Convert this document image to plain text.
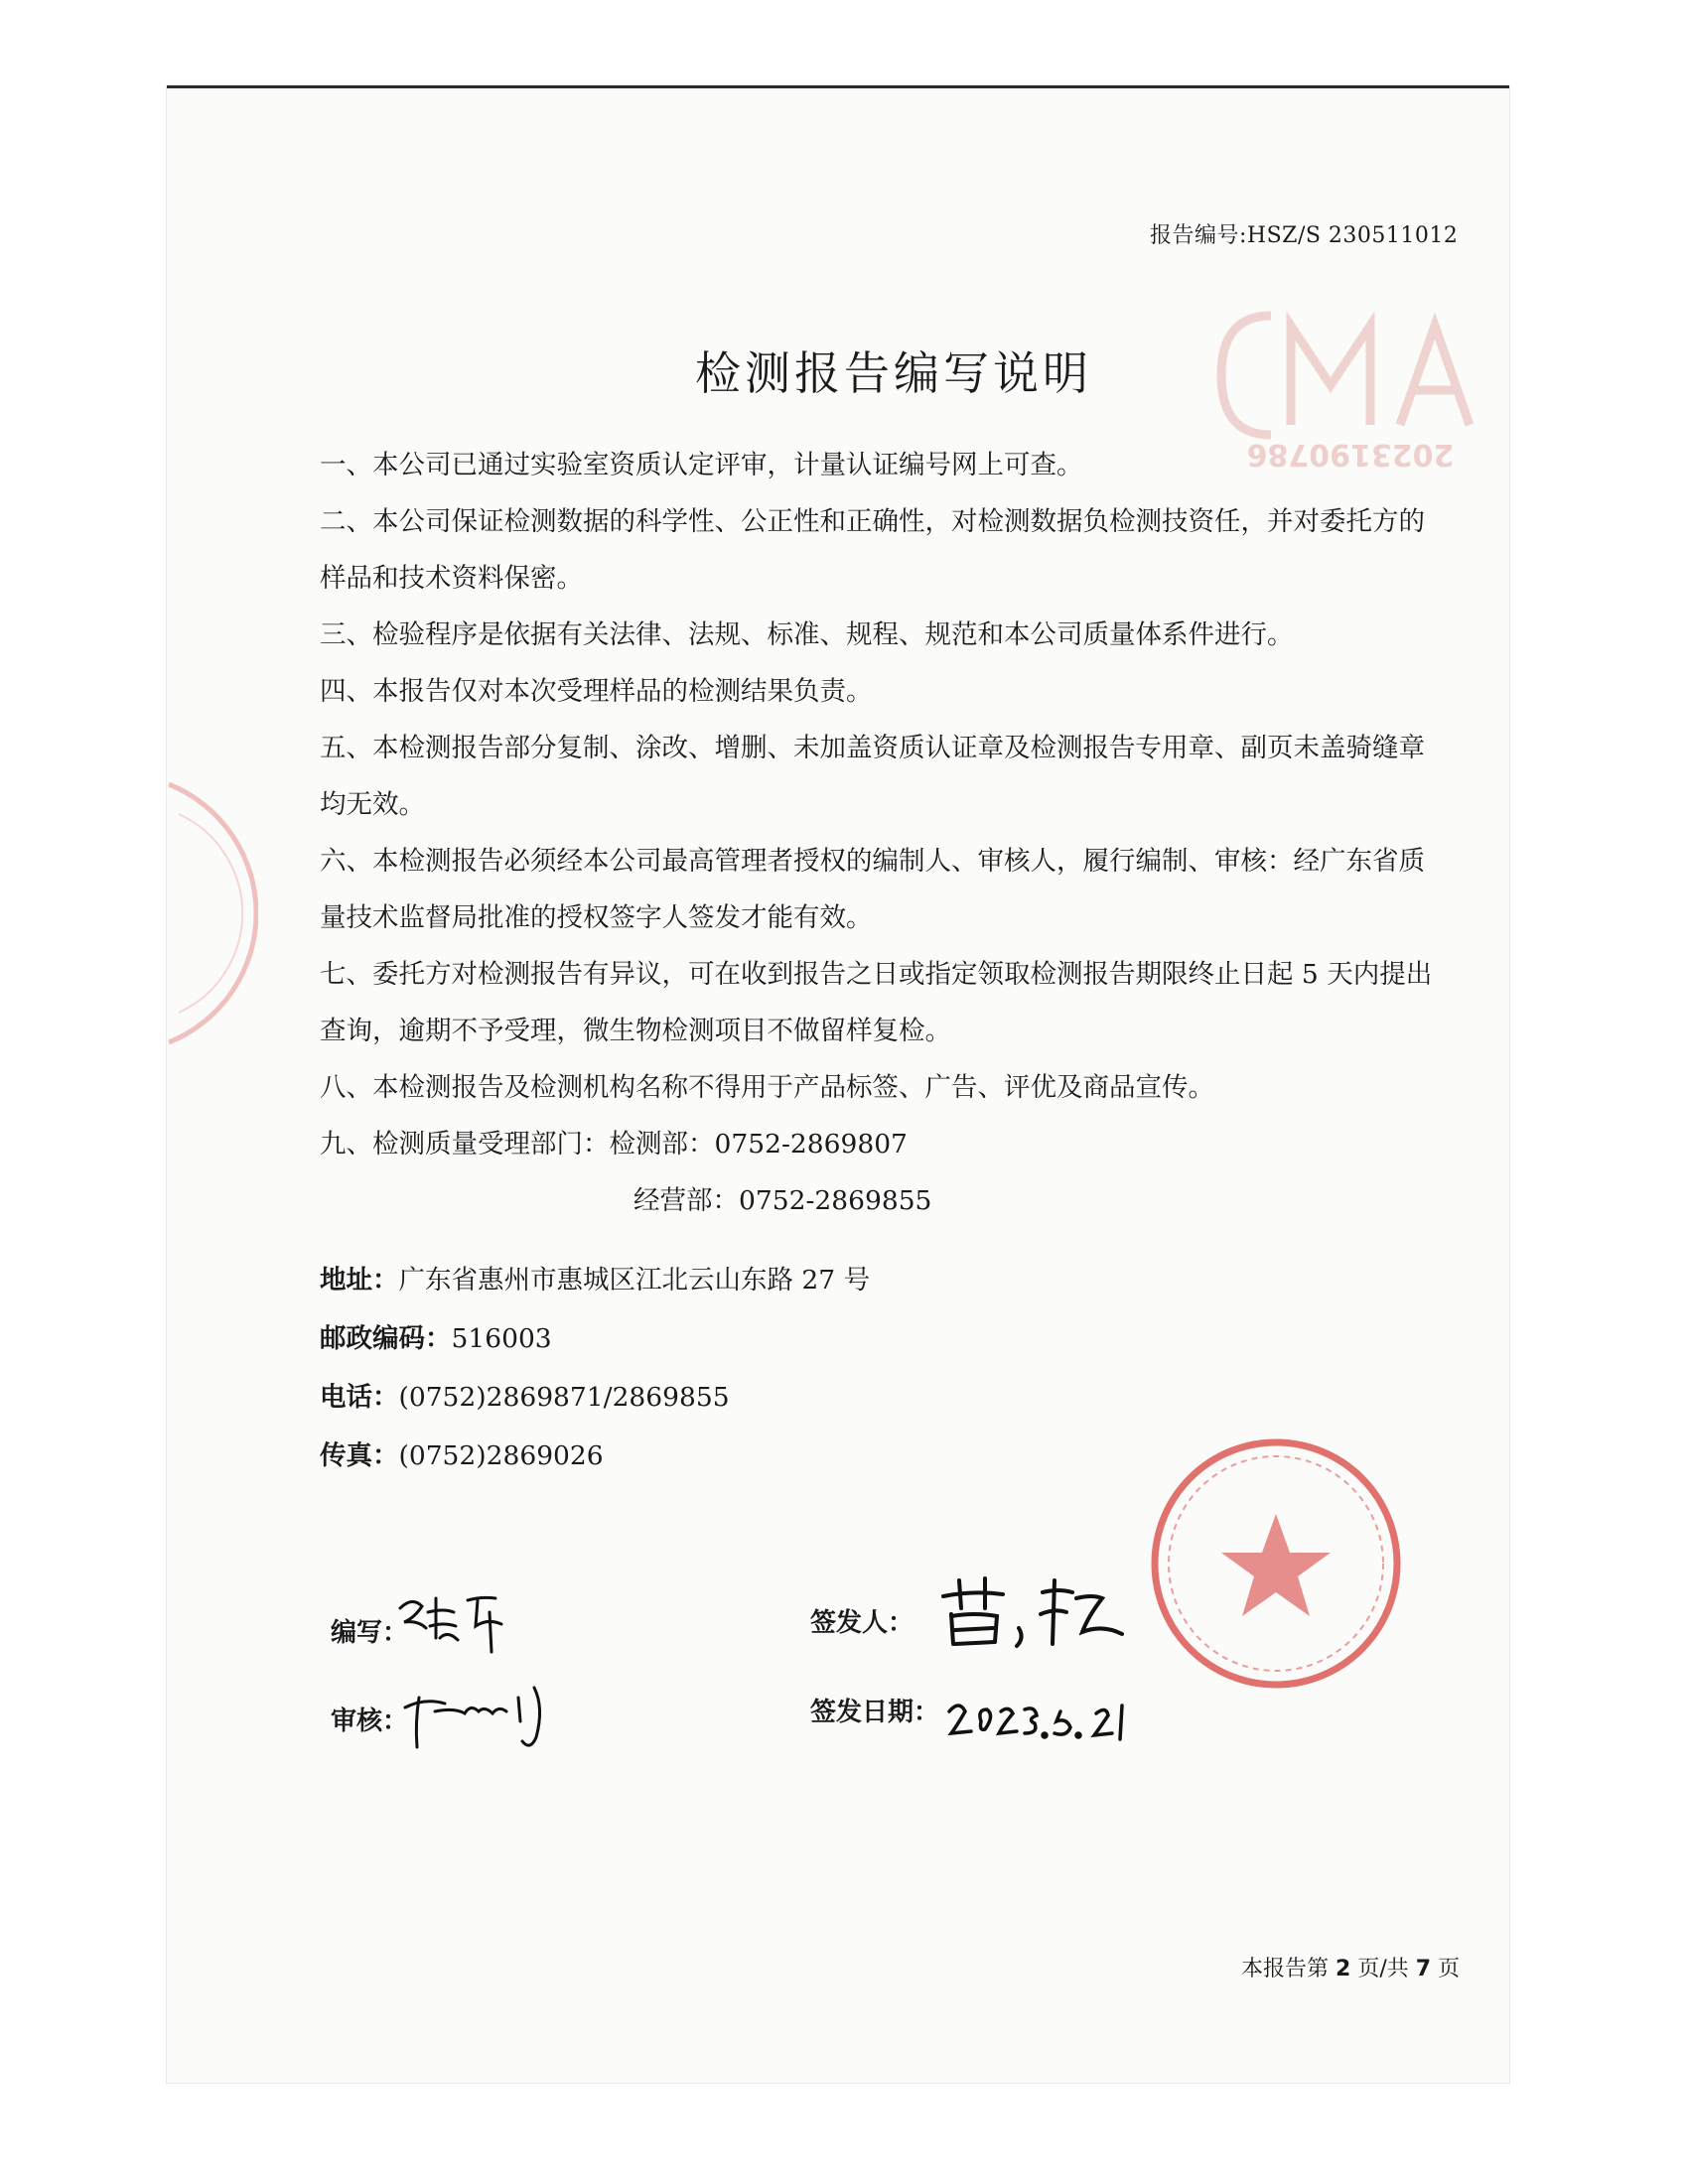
2023190786
报告编号:HSZ/S 230511012
检测报告编写说明

一、本公司已通过实验室资质认定评审，计量认证编号网上可查。

二、本公司保证检测数据的科学性、公正性和正确性，对检测数据负检测技资任，并对委托方的样品和技术资料保密。

三、检验程序是依据有关法律、法规、标准、规程、规范和本公司质量体系件进行。

四、本报告仅对本次受理样品的检测结果负责。

五、本检测报告部分复制、涂改、增删、未加盖资质认证章及检测报告专用章、副页未盖骑缝章均无效。

六、本检测报告必须经本公司最高管理者授权的编制人、审核人，履行编制、审核：经广东省质量技术监督局批准的授权签字人签发才能有效。

七、委托方对检测报告有异议，可在收到报告之日或指定领取检测报告期限终止日起 5 天内提出查询，逾期不予受理，微生物检测项目不做留样复检。

八、本检测报告及检测机构名称不得用于产品标签、广告、评优及商品宣传。

九、检测质量受理部门：检测部：0752-2869807

经营部：0752-2869855

地址：广东省惠州市惠城区江北云山东路 27 号
邮政编码：516003
电话：(0752)2869871/2869855
传真：(0752)2869026
编写：
审核：
签发人：
签发日期：
本报告第 2 页/共 7 页
